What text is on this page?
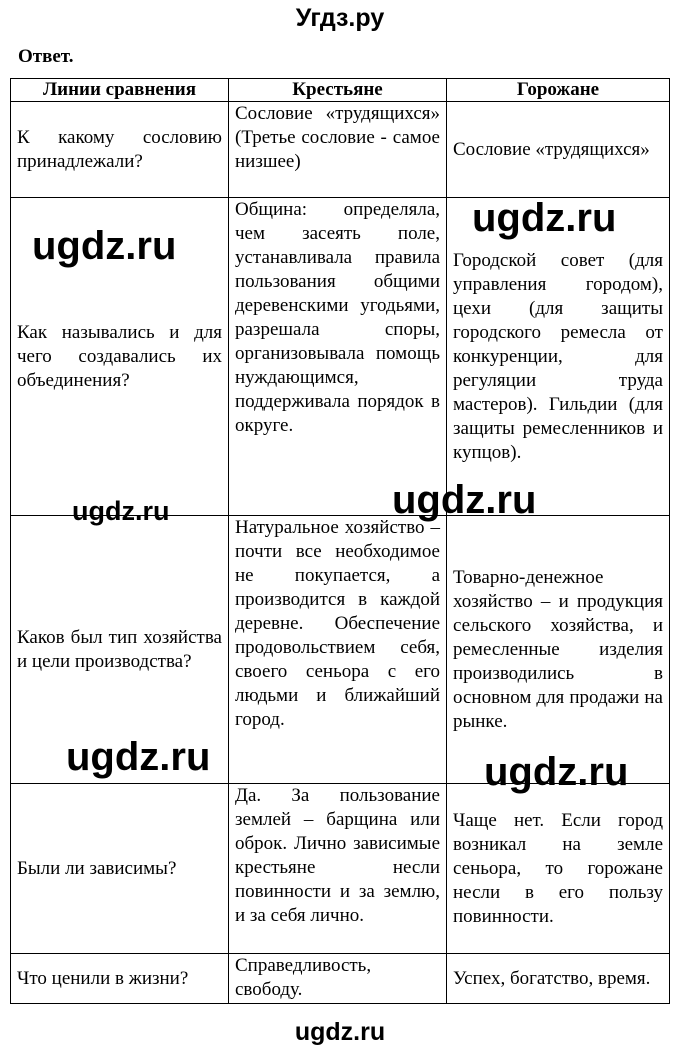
Угдз.ру
Ответ.
Линии сравнения	Крестьяне	Горожане
К какому сословию принадлежали?	Сословие «трудящихся» (Третье сословие - самое низшее)	Сословие «трудящихся»
Как назывались и для чего создавались их объединения?	Община: определяла, чем засеять поле, устанавливала правила пользования общими деревенскими угодьями, разрешала споры, организовывала помощь нуждающимся, поддерживала порядок в округе.	Городской совет (для управления городом), цехи (для защиты городского ремесла от конкуренции, для регуляции труда мастеров). Гильдии (для защиты ремесленников и купцов).
Каков был тип хозяйства и цели производства?	Натуральное хозяйство – почти все необходимое не покупается, а производится в каждой деревне. Обеспечение продовольствием себя, своего сеньора с его людьми и ближайший город.	Товарно-денежное хозяйство – и продукция сельского хозяйства, и ремесленные изделия производились в основном для продажи на рынке.
Были ли зависимы?	Да. За пользование землей – барщина или оброк. Лично зависимые крестьяне несли повинности и за землю, и за себя лично.	Чаще нет. Если город возникал на земле сеньора, то горожане несли в его пользу повинности.
Что ценили в жизни?	Справедливость, свободу.	Успех, богатство, время.
ugdz.ru
ugdz.ru
ugdz.ru	ugdz.ru
ugdz.ru	ugdz.ru
ugdz.ru
